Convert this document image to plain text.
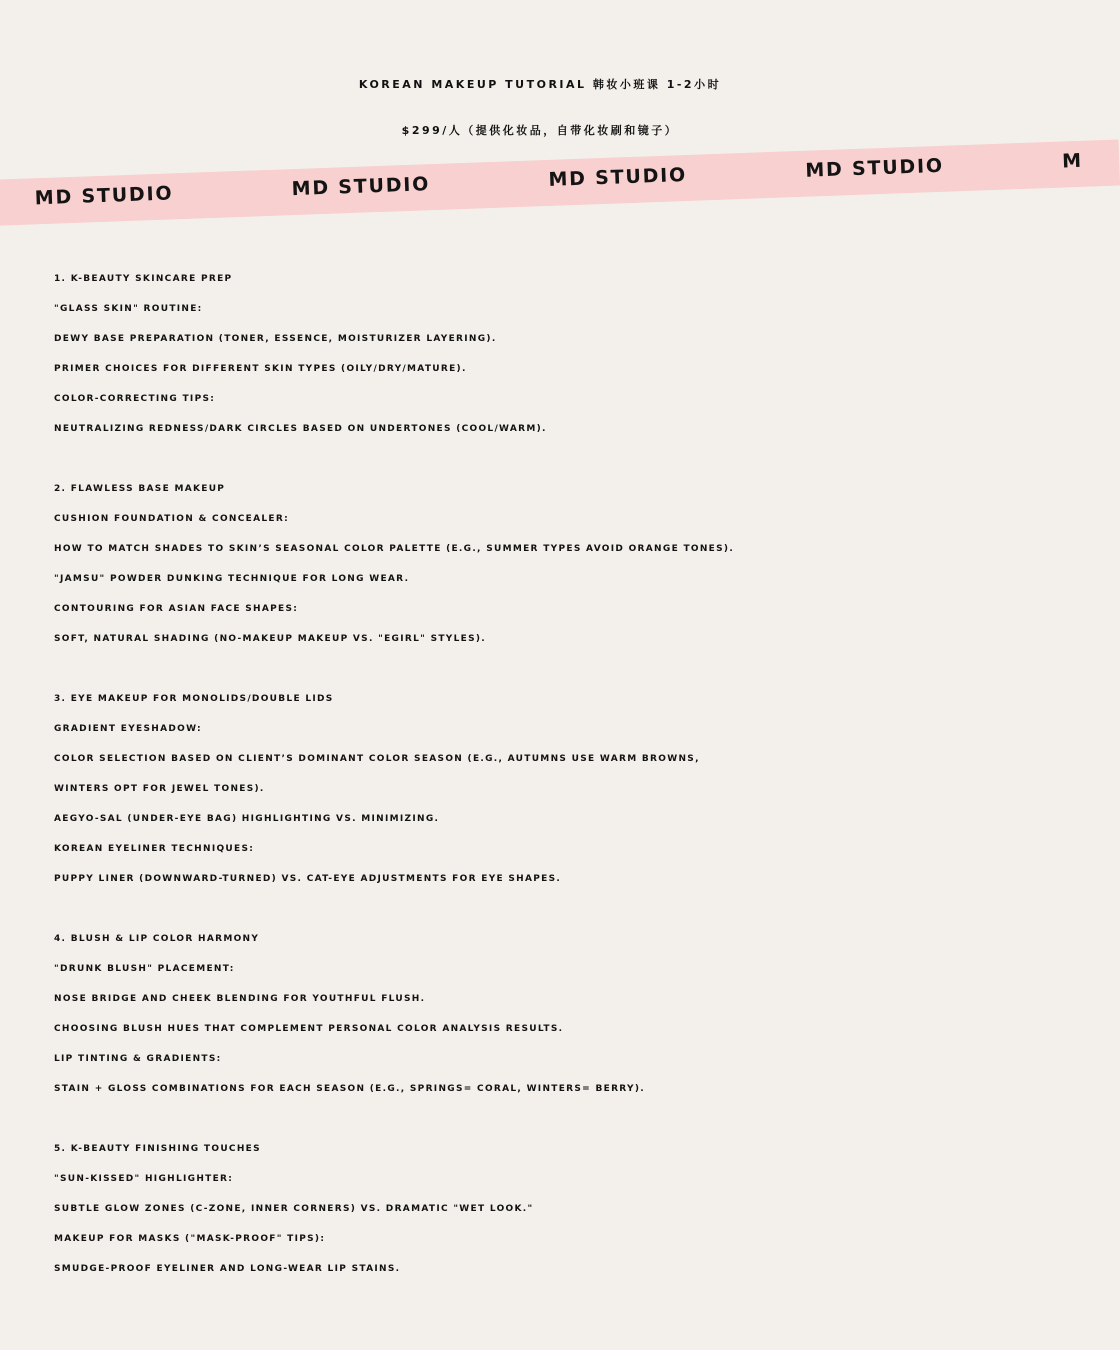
KOREAN MAKEUP TUTORIAL 韩妆小班课 1-2小时
$299/人（提供化妆品，自带化妆刷和镜子）
MD STUDIO	MD STUDIO	MD STUDIO	MD STUDIO	M
1. K-BEAUTY SKINCARE PREP
"GLASS SKIN" ROUTINE:
DEWY BASE PREPARATION (TONER, ESSENCE, MOISTURIZER LAYERING).
PRIMER CHOICES FOR DIFFERENT SKIN TYPES (OILY/DRY/MATURE).
COLOR-CORRECTING TIPS:
NEUTRALIZING REDNESS/DARK CIRCLES BASED ON UNDERTONES (COOL/WARM).
2. FLAWLESS BASE MAKEUP
CUSHION FOUNDATION & CONCEALER:
HOW TO MATCH SHADES TO SKIN’S SEASONAL COLOR PALETTE (E.G., SUMMER TYPES AVOID ORANGE TONES).
"JAMSU" POWDER DUNKING TECHNIQUE FOR LONG WEAR.
CONTOURING FOR ASIAN FACE SHAPES:
SOFT, NATURAL SHADING (NO-MAKEUP MAKEUP VS. "EGIRL" STYLES).
3. EYE MAKEUP FOR MONOLIDS/DOUBLE LIDS
GRADIENT EYESHADOW:
COLOR SELECTION BASED ON CLIENT’S DOMINANT COLOR SEASON (E.G., AUTUMNS USE WARM BROWNS,
WINTERS OPT FOR JEWEL TONES).
AEGYO-SAL (UNDER-EYE BAG) HIGHLIGHTING VS. MINIMIZING.
KOREAN EYELINER TECHNIQUES:
PUPPY LINER (DOWNWARD-TURNED) VS. CAT-EYE ADJUSTMENTS FOR EYE SHAPES.
4. BLUSH & LIP COLOR HARMONY
"DRUNK BLUSH" PLACEMENT:
NOSE BRIDGE AND CHEEK BLENDING FOR YOUTHFUL FLUSH.
CHOOSING BLUSH HUES THAT COMPLEMENT PERSONAL COLOR ANALYSIS RESULTS.
LIP TINTING & GRADIENTS:
STAIN + GLOSS COMBINATIONS FOR EACH SEASON (E.G., SPRINGS= CORAL, WINTERS= BERRY).
5. K-BEAUTY FINISHING TOUCHES
"SUN-KISSED" HIGHLIGHTER:
SUBTLE GLOW ZONES (C-ZONE, INNER CORNERS) VS. DRAMATIC "WET LOOK."
MAKEUP FOR MASKS ("MASK-PROOF" TIPS):
SMUDGE-PROOF EYELINER AND LONG-WEAR LIP STAINS.
